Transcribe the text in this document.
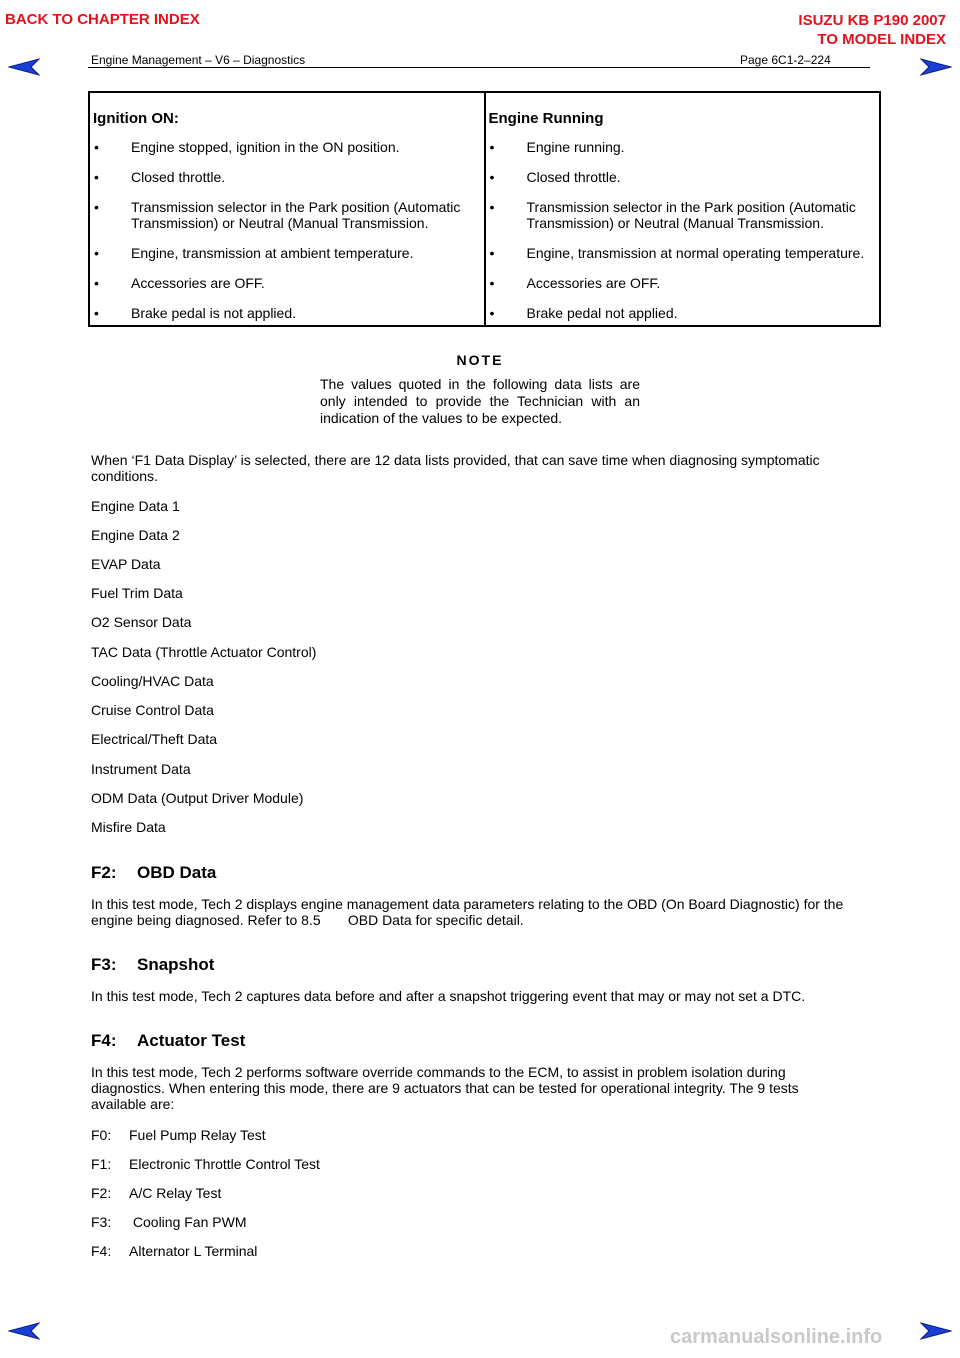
BACK TO CHAPTER INDEX	ISUZU KB P190 2007
TO MODEL INDEX
Engine Management – V6 – Diagnostics	Page 6C1-2–224
Ignition ON:
•	Engine stopped, ignition in the ON position.
•	Closed throttle.
•	Transmission selector in the Park position (Automatic Transmission) or Neutral (Manual Transmission.
•	Engine, transmission at ambient temperature.
•	Accessories are OFF.
•	Brake pedal is not applied.

Engine Running
•	Engine running.
•	Closed throttle.
•	Transmission selector in the Park position (Automatic Transmission) or Neutral (Manual Transmission.
•	Engine, transmission at normal operating temperature.
•	Accessories are OFF.
•	Brake pedal not applied.
NOTE
The values quoted in the following data lists are only intended to provide the Technician with an indication of the values to be expected.
When ‘F1 Data Display’ is selected, there are 12 data lists provided, that can save time when diagnosing symptomatic conditions.
Engine Data 1
Engine Data 2
EVAP Data
Fuel Trim Data
O2 Sensor Data
TAC Data (Throttle Actuator Control)
Cooling/HVAC Data
Cruise Control Data
Electrical/Theft Data
Instrument Data
ODM Data (Output Driver Module)
Misfire Data
F2: OBD Data
In this test mode, Tech 2 displays engine management data parameters relating to the OBD (On Board Diagnostic) for the engine being diagnosed. Refer to 8.5       OBD Data for specific detail.
F3: Snapshot
In this test mode, Tech 2 captures data before and after a snapshot triggering event that may or may not set a DTC.
F4: Actuator Test
In this test mode, Tech 2 performs software override commands to the ECM, to assist in problem isolation during diagnostics. When entering this mode, there are 9 actuators that can be tested for operational integrity. The 9 tests available are:
F0: Fuel Pump Relay Test
F1: Electronic Throttle Control Test
F2: A/C Relay Test
F3: Cooling Fan PWM
F4: Alternator L Terminal
carmanualsonline.info
